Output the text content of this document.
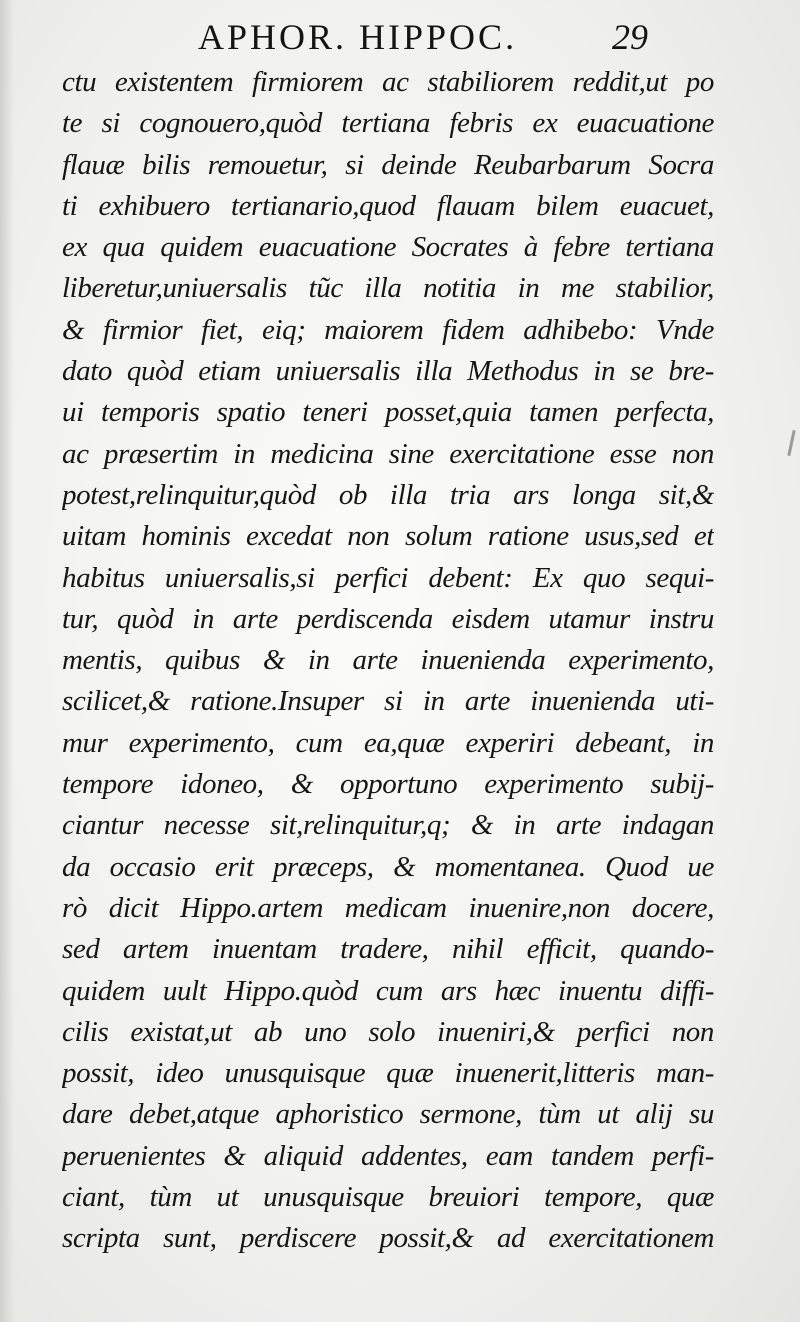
APHOR. HIPPOC.	29
ctu existentem firmiorem ac stabiliorem reddit,ut po
te si cognouero,quòd tertiana febris ex euacuatione
flauæ bilis remouetur, si deinde Reubarbarum Socra
ti exhibuero tertianario,quod flauam bilem euacuet,
ex qua quidem euacuatione Socrates à febre tertiana
liberetur,uniuersalis tũc illa notitia in me stabilior,
& firmior fiet, eiq; maiorem fidem adhibebo: Vnde
dato quòd etiam uniuersalis illa Methodus in se bre-
ui temporis spatio teneri posset,quia tamen perfecta,
ac præsertim in medicina sine exercitatione esse non
potest,relinquitur,quòd ob illa tria ars longa sit,&
uitam hominis excedat non solum ratione usus,sed et
habitus uniuersalis,si perfici debent: Ex quo sequi-
tur, quòd in arte perdiscenda eisdem utamur instru
mentis, quibus & in arte inuenienda experimento,
scilicet,& ratione.Insuper si in arte inuenienda uti-
mur experimento, cum ea,quæ experiri debeant, in
tempore idoneo, & opportuno experimento subij-
ciantur necesse sit,relinquitur,q; & in arte indagan
da occasio erit præceps, & momentanea. Quod ue
rò dicit Hippo.artem medicam inuenire,non docere,
sed artem inuentam tradere, nihil efficit, quando-
quidem uult Hippo.quòd cum ars hæc inuentu diffi-
cilis existat,ut ab uno solo inueniri,& perfici non
possit, ideo unusquisque quæ inuenerit,litteris man-
dare debet,atque aphoristico sermone, tùm ut alij su
peruenientes & aliquid addentes, eam tandem perfi-
ciant, tùm ut unusquisque breuiori tempore, quæ
scripta sunt, perdiscere possit,& ad exercitationem
